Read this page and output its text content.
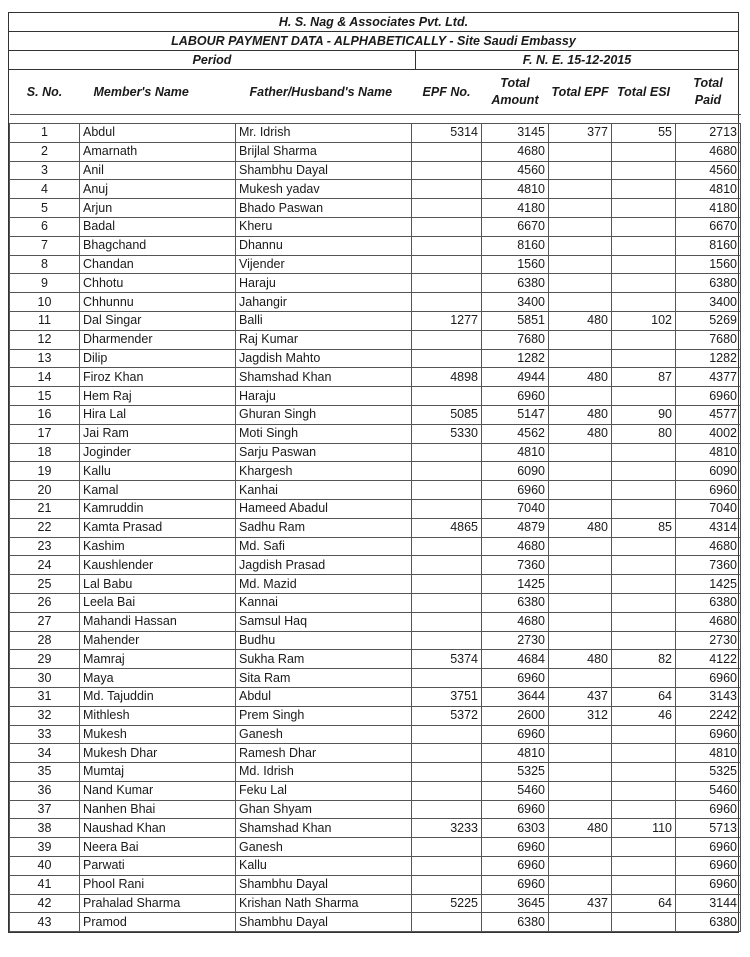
H. S. Nag & Associates Pvt. Ltd.
LABOUR PAYMENT DATA - ALPHABETICALLY - Site Saudi Embassy
Period	F. N. E. 15-12-2015
S. No.	Member's Name	Father/Husband's Name	EPF No.	Total
Amount	Total EPF	Total ESI	Total
Paid

1	Abdul	Mr. Idrish	5314	3145	377	55	2713
2	Amarnath	Brijlal Sharma		4680			4680
3	Anil	Shambhu Dayal		4560			4560
4	Anuj	Mukesh yadav		4810			4810
5	Arjun	Bhado Paswan		4180			4180
6	Badal	Kheru		6670			6670
7	Bhagchand	Dhannu		8160			8160
8	Chandan	Vijender		1560			1560
9	Chhotu	Haraju		6380			6380
10	Chhunnu	Jahangir		3400			3400
11	Dal Singar	Balli	1277	5851	480	102	5269
12	Dharmender	Raj Kumar		7680			7680
13	Dilip	Jagdish Mahto		1282			1282
14	Firoz Khan	Shamshad Khan	4898	4944	480	87	4377
15	Hem Raj	Haraju		6960			6960
16	Hira Lal	Ghuran Singh	5085	5147	480	90	4577
17	Jai Ram	Moti Singh	5330	4562	480	80	4002
18	Joginder	Sarju Paswan		4810			4810
19	Kallu	Khargesh		6090			6090
20	Kamal	Kanhai		6960			6960
21	Kamruddin	Hameed Abadul		7040			7040
22	Kamta Prasad	Sadhu Ram	4865	4879	480	85	4314
23	Kashim	Md. Safi		4680			4680
24	Kaushlender	Jagdish Prasad		7360			7360
25	Lal Babu	Md. Mazid		1425			1425
26	Leela Bai	Kannai		6380			6380
27	Mahandi Hassan	Samsul Haq		4680			4680
28	Mahender	Budhu		2730			2730
29	Mamraj	Sukha Ram	5374	4684	480	82	4122
30	Maya	Sita Ram		6960			6960
31	Md. Tajuddin	Abdul	3751	3644	437	64	3143
32	Mithlesh	Prem Singh	5372	2600	312	46	2242
33	Mukesh	Ganesh		6960			6960
34	Mukesh Dhar	Ramesh Dhar		4810			4810
35	Mumtaj	Md. Idrish		5325			5325
36	Nand Kumar	Feku Lal		5460			5460
37	Nanhen Bhai	Ghan Shyam		6960			6960
38	Naushad Khan	Shamshad Khan	3233	6303	480	110	5713
39	Neera Bai	Ganesh		6960			6960
40	Parwati	Kallu		6960			6960
41	Phool Rani	Shambhu Dayal		6960			6960
42	Prahalad Sharma	Krishan Nath Sharma	5225	3645	437	64	3144
43	Pramod	Shambhu Dayal		6380			6380
